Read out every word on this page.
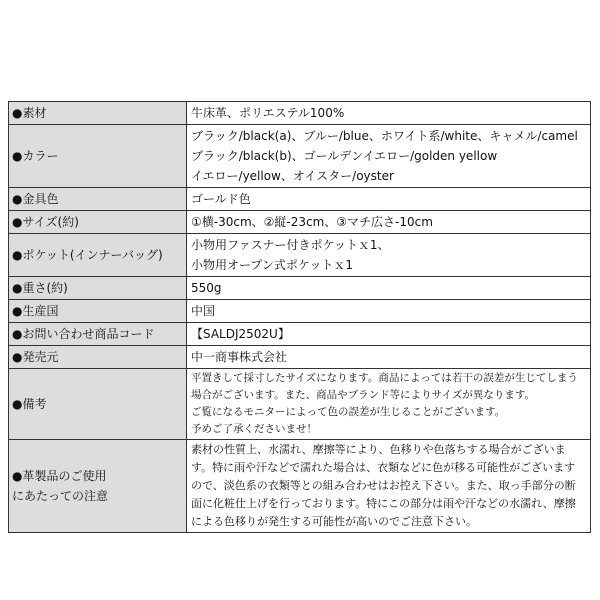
●素材	牛床革、ポリエステル100%

●カラー	ブラック/black(a)、ブルー/blue、ホワイト系/white、キャメル/camel
ブラック/black(b)、ゴールデンイエロー/golden yellow
イエロー/yellow、オイスター/oyster

●金具色	ゴールド色

●サイズ(約)	①横-30cm、②縦-23cm、③マチ広さ-10cm

●ポケット(インナーバッグ)	小物用ファスナー付きポケットｘ1、
小物用オープン式ポケットｘ1

●重さ(約)	550g

●生産国	中国

●お問い合わせ商品コード	【SALDJ2502U】

●発売元	中一商事株式会社

●備考	平置きして採寸したサイズになります。商品によっては若干の誤差が生じてしまう場合がございます。また、商品やブランド等によりサイズが異なります。
ご覧になるモニターによって色の誤差が生じることがございます。
予めご了承くださいませ！

●革製品のご使用
にあたっての注意	素材の性質上、水濡れ、摩擦等により、色移りや色落ちする場合がございます。特に雨や汗などで濡れた場合は、衣類などに色が移る可能性がございますので、淡色系の衣類等との組み合わせはお控え下さい。また、取っ手部分の断面に化粧仕上げを行っております。特にこの部分は雨や汗などの水濡れ、摩擦による色移りが発生する可能性が高いのでご注意下さい。
